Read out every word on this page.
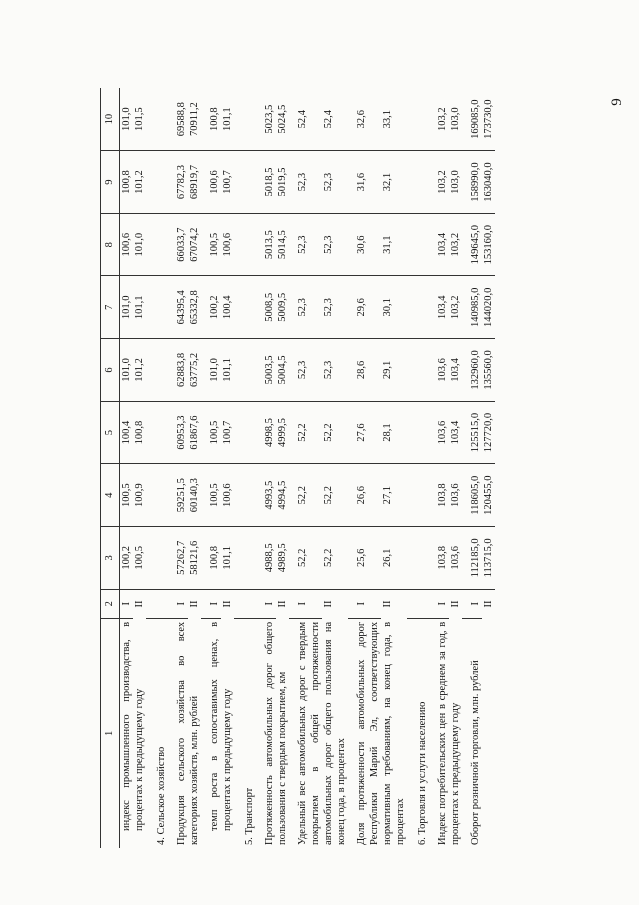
9
1	2	3	4	5	6	7	8	9	10

индекс промышленного производства, в процентах к предыдущему году	I	100,2	100,5	100,4	101,0	101,0	100,6	100,8	101,0
	II	100,5	100,9	100,8	101,2	101,1	101,0	101,2	101,5

4. Сельское хозяйство									

Продукция сельского хозяйства во всех категориях хозяйств, млн. рублей	I	57262,7	59251,5	60953,3	62883,8	64395,4	66033,7	67782,3	69588,8
	II	58121,6	60140,3	61867,6	63775,2	65332,8	67074,2	68919,7	70911,2

темп роста в сопоставимых ценах, в процентах к предыдущему году	I	100,8	100,5	100,5	101,0	100,2	100,5	100,6	100,8
	II	101,1	100,6	100,7	101,1	100,4	100,6	100,7	101,1

5. Транспорт									

Протяженность автомобильных дорог общего пользования с твердым покрытием, км	I	4988,5	4993,5	4998,5	5003,5	5008,5	5013,5	5018,5	5023,5
	II	4989,5	4994,5	4999,5	5004,5	5009,5	5014,5	5019,5	5024,5

Удельный вес автомобильных дорог с твердым покрытием в общей протяженности автомобильных дорог общего пользования на конец года, в процентах	I	52,2	52,2	52,2	52,3	52,3	52,3	52,3	52,4
	II	52,2	52,2	52,2	52,3	52,3	52,3	52,3	52,4

Доля протяженности автомобильных дорог Республики Марий Эл, соответствующих нормативным требованиям, на конец года, в процентах	I	25,6	26,6	27,6	28,6	29,6	30,6	31,6	32,6
	II	26,1	27,1	28,1	29,1	30,1	31,1	32,1	33,1

6. Торговля и услуги населению									

Индекс потребительских цен в среднем за год, в процентах к предыдущему году	I	103,8	103,8	103,6	103,6	103,4	103,4	103,2	103,2
	II	103,6	103,6	103,4	103,4	103,2	103,2	103,0	103,0

Оборот розничной торговли, млн. рублей	I	112185,0	118605,0	125515,0	132960,0	140985,0	149645,0	158990,0	169085,0
	II	113715,0	120455,0	127720,0	135560,0	144020,0	153160,0	163040,0	173730,0
